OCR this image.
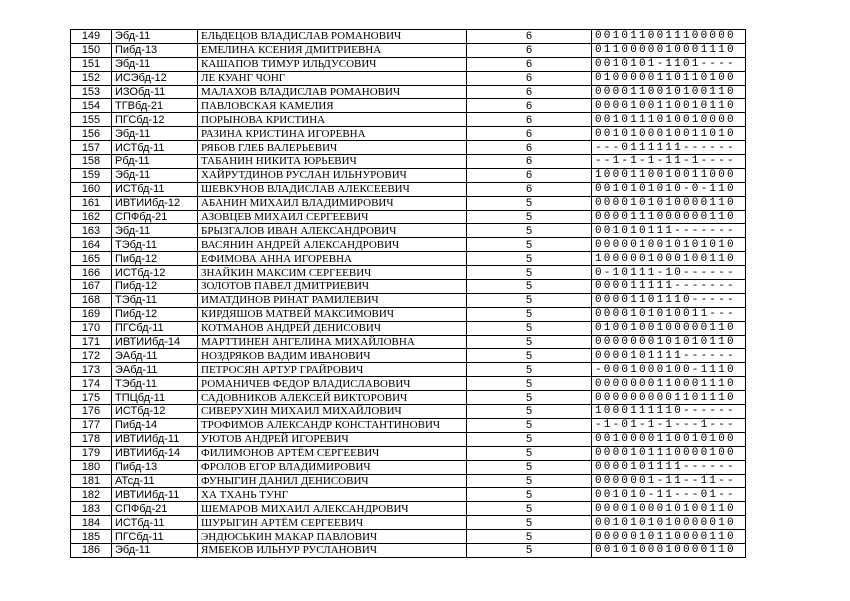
149	Эбд-11	ЕЛЬДЕЦОВ ВЛАДИСЛАВ РОМАНОВИЧ	6	0010110011100000
150	Пибд-13	ЕМЕЛИНА КСЕНИЯ ДМИТРИЕВНА	6	0110000010001110
151	Эбд-11	КАШАПОВ ТИМУР ИЛЬДУСОВИЧ	6	0010101-1101----
152	ИСЭбд-12	ЛЕ КУАНГ ЧОНГ	6	0100000110110100
153	ИЗОбд-11	МАЛАХОВ ВЛАДИСЛАВ РОМАНОВИЧ	6	0000110010100110
154	ТГВбд-21	ПАВЛОВСКАЯ КАМЕЛИЯ	6	0000100110010110
155	ПГСбд-12	ПОРЫНОВА КРИСТИНА	6	0010111010010000
156	Эбд-11	РАЗИНА КРИСТИНА ИГОРЕВНА	6	0010100010011010
157	ИСТбд-11	РЯБОВ ГЛЕБ ВАЛЕРЬЕВИЧ	6	---0111111------
158	Рбд-11	ТАБАНИН НИКИТА ЮРЬЕВИЧ	6	--1-1-1-11-1----
159	Эбд-11	ХАЙРУТДИНОВ РУСЛАН ИЛЬНУРОВИЧ	6	1000110010011000
160	ИСТбд-11	ШЕВКУНОВ ВЛАДИСЛАВ АЛЕКСЕЕВИЧ	6	0010101010-0-110
161	ИВТИИбд-12	АБАНИН МИХАИЛ ВЛАДИМИРОВИЧ	5	0000101010000110
162	СПФбд-21	АЗОВЦЕВ МИХАИЛ СЕРГЕЕВИЧ	5	0000111000000110
163	Эбд-11	БРЫЗГАЛОВ ИВАН АЛЕКСАНДРОВИЧ	5	001010111-------
164	ТЭбд-11	ВАСЯНИН АНДРЕЙ АЛЕКСАНДРОВИЧ	5	0000010010101010
165	Пибд-12	ЕФИМОВА АННА ИГОРЕВНА	5	1000001000100110
166	ИСТбд-12	ЗНАЙКИН МАКСИМ СЕРГЕЕВИЧ	5	0-10111-10------
167	Пибд-12	ЗОЛОТОВ ПАВЕЛ ДМИТРИЕВИЧ	5	000011111-------
168	ТЭбд-11	ИМАТДИНОВ РИНАТ РАМИЛЕВИЧ	5	00001101110-----
169	Пибд-12	КИРДЯШОВ МАТВЕЙ МАКСИМОВИЧ	5	0000101010011---
170	ПГСбд-11	КОТМАНОВ АНДРЕЙ ДЕНИСОВИЧ	5	0100100100000110
171	ИВТИИбд-14	МАРТТИНЕН АНГЕЛИНА МИХАЙЛОВНА	5	0000000101010110
172	ЭАбд-11	НОЗДРЯКОВ ВАДИМ ИВАНОВИЧ	5	0000101111------
173	ЭАбд-11	ПЕТРОСЯН АРТУР ГРАЙРОВИЧ	5	-0001000100-1110
174	ТЭбд-11	РОМАНИЧЕВ ФЕДОР ВЛАДИСЛАВОВИЧ	5	0000000110001110
175	ТПЦбд-11	САДОВНИКОВ АЛЕКСЕЙ ВИКТОРОВИЧ	5	0000000001101110
176	ИСТбд-12	СИВЕРУХИН МИХАИЛ МИХАЙЛОВИЧ	5	1000111110------
177	Пибд-14	ТРОФИМОВ АЛЕКСАНДР КОНСТАНТИНОВИЧ	5	-1-01-1-1---1---
178	ИВТИИбд-11	УЮТОВ АНДРЕЙ ИГОРЕВИЧ	5	0010000110010100
179	ИВТИИбд-14	ФИЛИМОНОВ АРТЁМ СЕРГЕЕВИЧ	5	0000101110000100
180	Пибд-13	ФРОЛОВ ЕГОР ВЛАДИМИРОВИЧ	5	0000101111------
181	АТсд-11	ФУНЫГИН ДАНИЛ ДЕНИСОВИЧ	5	0000001-11--11--
182	ИВТИИбд-11	ХА ТХАНЬ ТУНГ	5	001010-11---01--
183	СПФбд-21	ШЕМАРОВ МИХАИЛ АЛЕКСАНДРОВИЧ	5	0000100010100110
184	ИСТбд-11	ШУРЫГИН АРТЁМ СЕРГЕЕВИЧ	5	0010101010000010
185	ПГСбд-11	ЭНДЮСЬКИН МАКАР ПАВЛОВИЧ	5	0000010110000110
186	Эбд-11	ЯМБЕКОВ ИЛЬНУР РУСЛАНОВИЧ	5	0010100010000110
